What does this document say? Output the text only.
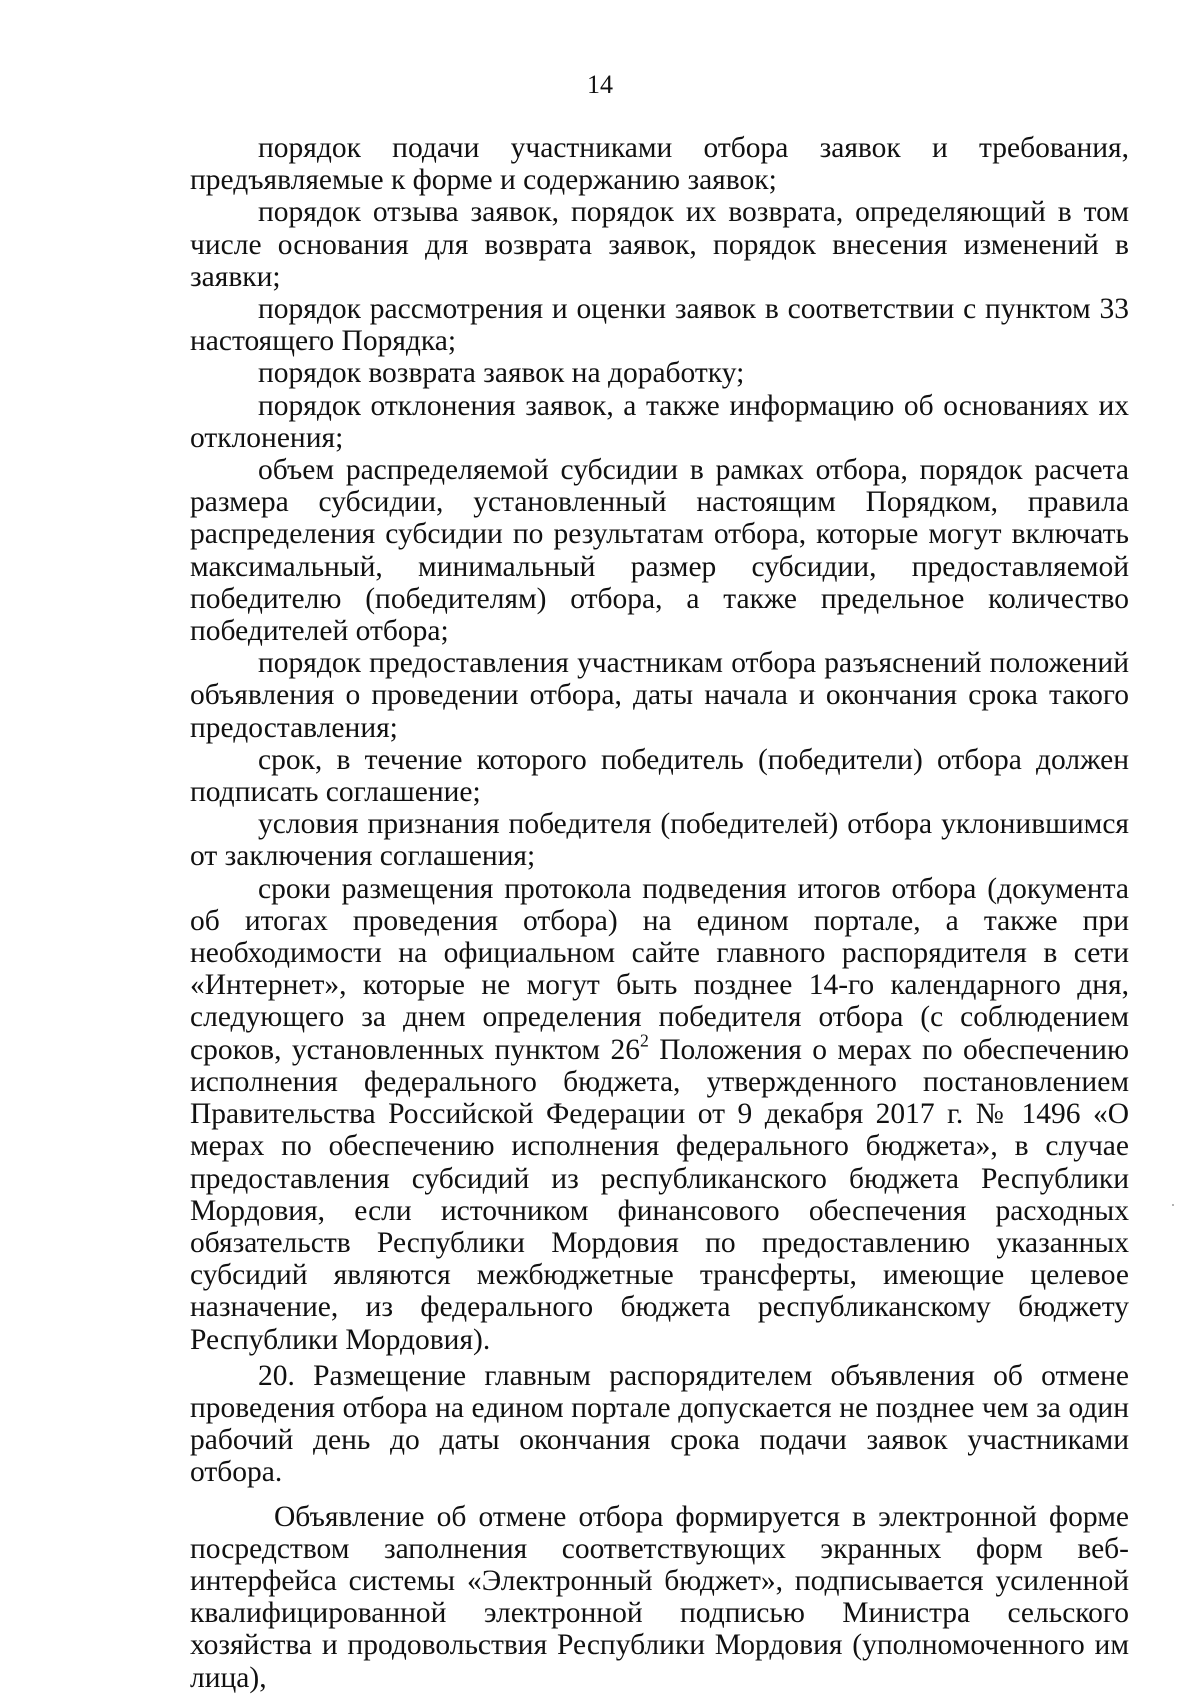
14

порядок подачи участниками отбора заявок и требования, предъявляемые к форме и содержанию заявок;

порядок отзыва заявок, порядок их возврата, определяющий в том числе основания для возврата заявок, порядок внесения изменений в заявки;

порядок рассмотрения и оценки заявок в соответствии с пунктом 33 настоящего Порядка;

порядок возврата заявок на доработку;

порядок отклонения заявок, а также информацию об основаниях их отклонения;

объем распределяемой субсидии в рамках отбора, порядок расчета размера субсидии, установленный настоящим Порядком, правила распределения субсидии по результатам отбора, которые могут включать максимальный, минимальный размер субсидии, предоставляемой победителю (победителям) отбора, а также предельное количество победителей отбора;

порядок предоставления участникам отбора разъяснений положений объявления о проведении отбора, даты начала и окончания срока такого предоставления;

срок, в течение которого победитель (победители) отбора должен подписать соглашение;

условия признания победителя (победителей) отбора уклонившимся от заключения соглашения;

сроки размещения протокола подведения итогов отбора (документа об итогах проведения отбора) на едином портале, а также при необходимости на официальном сайте главного распорядителя в сети «Интернет», которые не могут быть позднее 14-го календарного дня, следующего за днем определения победителя отбора (с соблюдением сроков, установленных пунктом $26^2$ Положения о мерах по обеспечению исполнения федерального бюджета, утвержденного постановлением Правительства Российской Федерации от 9 декабря 2017 г. № 1496 «О мерах по обеспечению исполнения федерального бюджета», в случае предоставления субсидий из республиканского бюджета Республики Мордовия, если источником финансового обеспечения расходных обязательств Республики Мордовия по предоставлению указанных субсидий являются межбюджетные трансферты, имеющие целевое назначение, из федерального бюджета республиканскому бюджету Республики Мордовия).

20. Размещение главным распорядителем объявления об отмене проведения отбора на едином портале допускается не позднее чем за один рабочий день до даты окончания срока подачи заявок участниками отбора.

Объявление об отмене отбора формируется в электронной форме посредством заполнения соответствующих экранных форм веб-интерфейса системы «Электронный бюджет», подписывается усиленной квалифицированной электронной подписью Министра сельского хозяйства и продовольствия Республики Мордовия (уполномоченного им лица),
